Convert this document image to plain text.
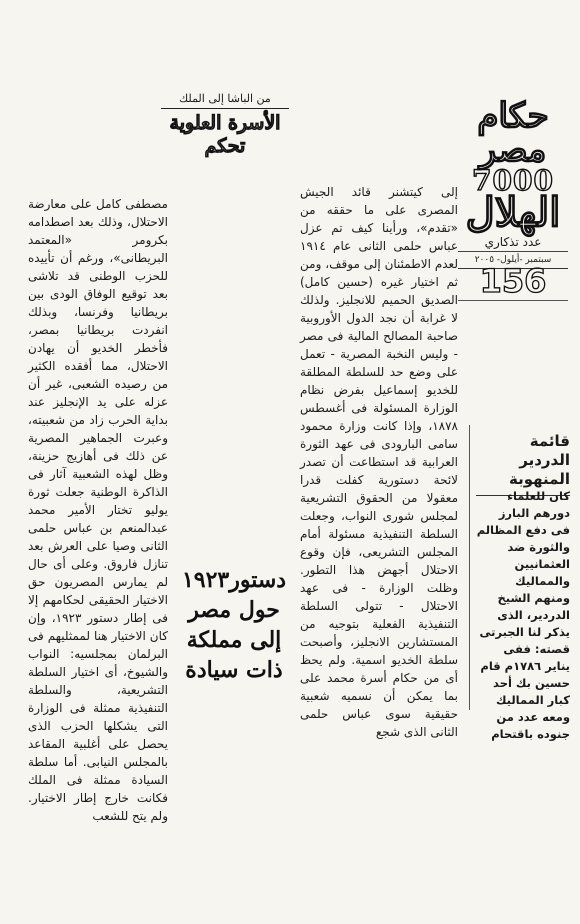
حكام
مصر
7000
الهلال
عدد تذكاري
سبتمبر -أيلول- ٢٠٠٥
156
من الباشا إلى الملك
الأسرة العلوية تحكم

إلى كيتشنر قائد الجيش المصرى على ما حققه من «تقدم»، ورأينا كيف تم عزل عباس حلمى الثانى عام ١٩١٤ لعدم الاطمئنان إلى موقف، ومن ثم اختيار غيره (حسين كامل) الصديق الحميم للانجليز. ولذلك لا غرابة أن نجد الدول الأوروبية صاحبة المصالح المالية فى مصر - وليس النخبة المصرية - تعمل على وضع حد للسلطة المطلقة للخديو إسماعيل بفرض نظام الوزارة المسئولة فى أغسطس ١٨٧٨، وإذا كانت وزارة محمود سامى البارودى فى عهد الثورة العرابية قد استطاعت أن تصدر لائحة دستورية كفلت قدرا معقولا من الحقوق التشريعية لمجلس شورى النواب، وجعلت السلطة التنفيذية مسئولة أمام المجلس التشريعى، فإن وقوع الاحتلال أجهض هذا التطور. وظلت الوزارة - فى عهد الاحتلال - تتولى السلطة التنفيذية الفعلية بتوجيه من المستشارين الانجليز، وأصبحت سلطة الخديو اسمية. ولم يحظ أى من حكام أسرة محمد على بما يمكن أن نسميه شعبية حقيقية سوى عباس حلمى الثانى الذى شجع

مصطفى كامل على معارضة الاحتلال، وذلك بعد اصطدامه بكرومر «المعتمد البريطانى»، ورغم أن تأييده للحزب الوطنى قد تلاشى بعد توقيع الوفاق الودى بين بريطانيا وفرنسا، وبذلك انفردت بريطانيا بمصر، فأخطر الخديو أن يهادن الاحتلال، مما أفقده الكثير من رصيده الشعبى، غير أن عزله على يد الإنجليز عند بداية الحرب زاد من شعبيته، وعبرت الجماهير المصرية عن ذلك فى أهازيج حزينة، وظل لهذه الشعبية آثار فى الذاكرة الوطنية جعلت ثورة يوليو تختار الأمير محمد عبدالمنعم بن عباس حلمى الثانى وصيا على العرش بعد تنازل فاروق. وعلى أى حال لم يمارس المصريون حق الاختيار الحقيقى لحكامهم إلا فى إطار دستور ١٩٢٣، وإن كان الاختيار هنا لممثليهم فى البرلمان بمجلسيه: النواب والشيوخ، أى اختيار السلطة التشريعية، والسلطة التنفيذية ممثلة فى الوزارة التى يشكلها الحزب الذى يحصل على أغلبية المقاعد بالمجلس النيابى. أما سلطة السيادة ممثلة فى الملك فكانت خارج إطار الاختيار. ولم يتح للشعب

دستور١٩٢٣
حول مصر
إلى مملكة
ذات سيادة
قائمة الدردير المنهوبة
كان للعلماء دورهم البارز فى دفع المظالم والثورة ضد العثمانيين والمماليك ومنهم الشيخ الدردير، الذى يذكر لنا الجبرتى قصته: ففى يناير ١٧٨٦م قام حسين بك أحد كبار المماليك ومعه عدد من جنوده باقتحام
